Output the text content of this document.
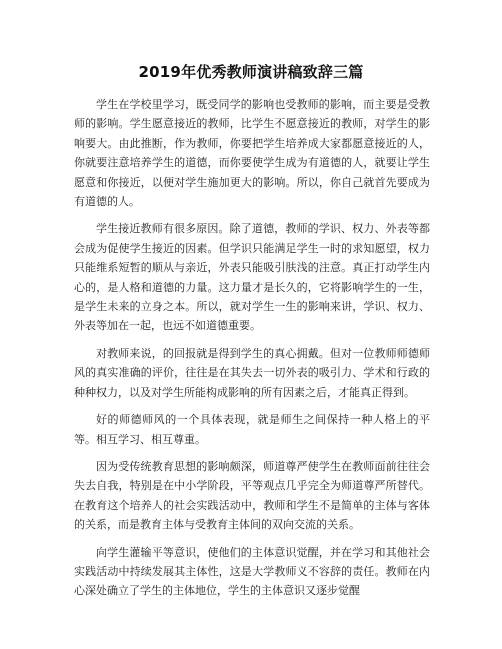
2019年优秀教师演讲稿致辞三篇

学生在学校里学习，既受同学的影响也受教师的影响，而主要是受教师的影响。学生愿意接近的教师，比学生不愿意接近的教师，对学生的影响要大。由此推断，作为教师，你要把学生培养成大家都愿意接近的人，你就要注意培养学生的道德，而你要使学生成为有道德的人，就要让学生愿意和你接近，以便对学生施加更大的影响。所以，你自己就首先要成为有道德的人。

学生接近教师有很多原因。除了道德，教师的学识、权力、外表等都会成为促使学生接近的因素。但学识只能满足学生一时的求知愿望，权力只能维系短暂的顺从与亲近，外表只能吸引肤浅的注意。真正打动学生内心的，是人格和道德的力量。这力量才是长久的，它将影响学生的一生，是学生未来的立身之本。所以，就对学生一生的影响来讲，学识、权力、外表等加在一起，也远不如道德重要。

对教师来说，的回报就是得到学生的真心拥戴。但对一位教师师德师风的真实准确的评价，往往是在其失去一切外表的吸引力、学术和行政的种种权力，以及对学生所能构成影响的所有因素之后，才能真正得到。

好的师德师风的一个具体表现，就是师生之间保持一种人格上的平等。相互学习、相互尊重。

因为受传统教育思想的影响颇深，师道尊严使学生在教师面前往往会失去自我，特别是在中小学阶段，平等观点几乎完全为师道尊严所替代。在教育这个培养人的社会实践活动中，教师和学生不是简单的主体与客体的关系，而是教育主体与受教育主体间的双向交流的关系。

向学生灌输平等意识，使他们的主体意识觉醒，并在学习和其他社会实践活动中持续发展其主体性，这是大学教师义不容辞的责任。教师在内心深处确立了学生的主体地位，学生的主体意识又逐步觉醒
